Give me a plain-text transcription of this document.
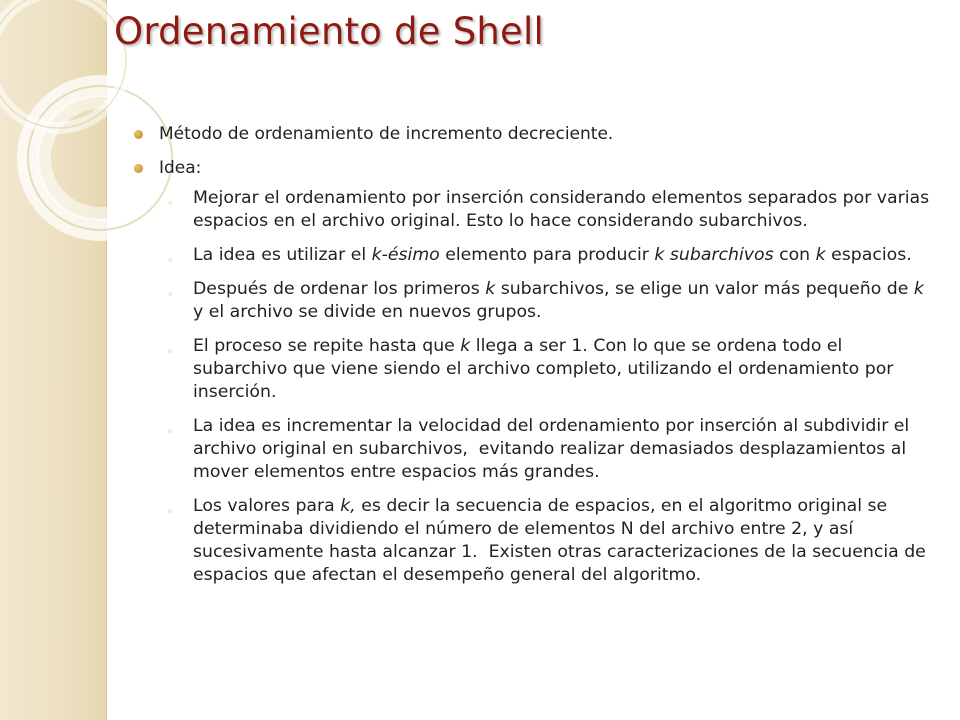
Ordenamiento de Shell
Método de ordenamiento de incremento decreciente.
Idea:
◦ Mejorar el ordenamiento por inserción considerando elementos separados por varias espacios en el archivo original. Esto lo hace considerando subarchivos.
◦ La idea es utilizar el k-ésimo elemento para producir k subarchivos con k espacios.
◦ Después de ordenar los primeros k subarchivos, se elige un valor más pequeño de k y el archivo se divide en nuevos grupos.
◦ El proceso se repite hasta que k llega a ser 1. Con lo que se ordena todo el subarchivo que viene siendo el archivo completo, utilizando el ordenamiento por inserción.
◦ La idea es incrementar la velocidad del ordenamiento por inserción al subdividir el archivo original en subarchivos,  evitando realizar demasiados desplazamientos al mover elementos entre espacios más grandes.
◦ Los valores para k, es decir la secuencia de espacios, en el algoritmo original se determinaba dividiendo el número de elementos N del archivo entre 2, y así sucesivamente hasta alcanzar 1.  Existen otras caracterizaciones de la secuencia de espacios que afectan el desempeño general del algoritmo.
